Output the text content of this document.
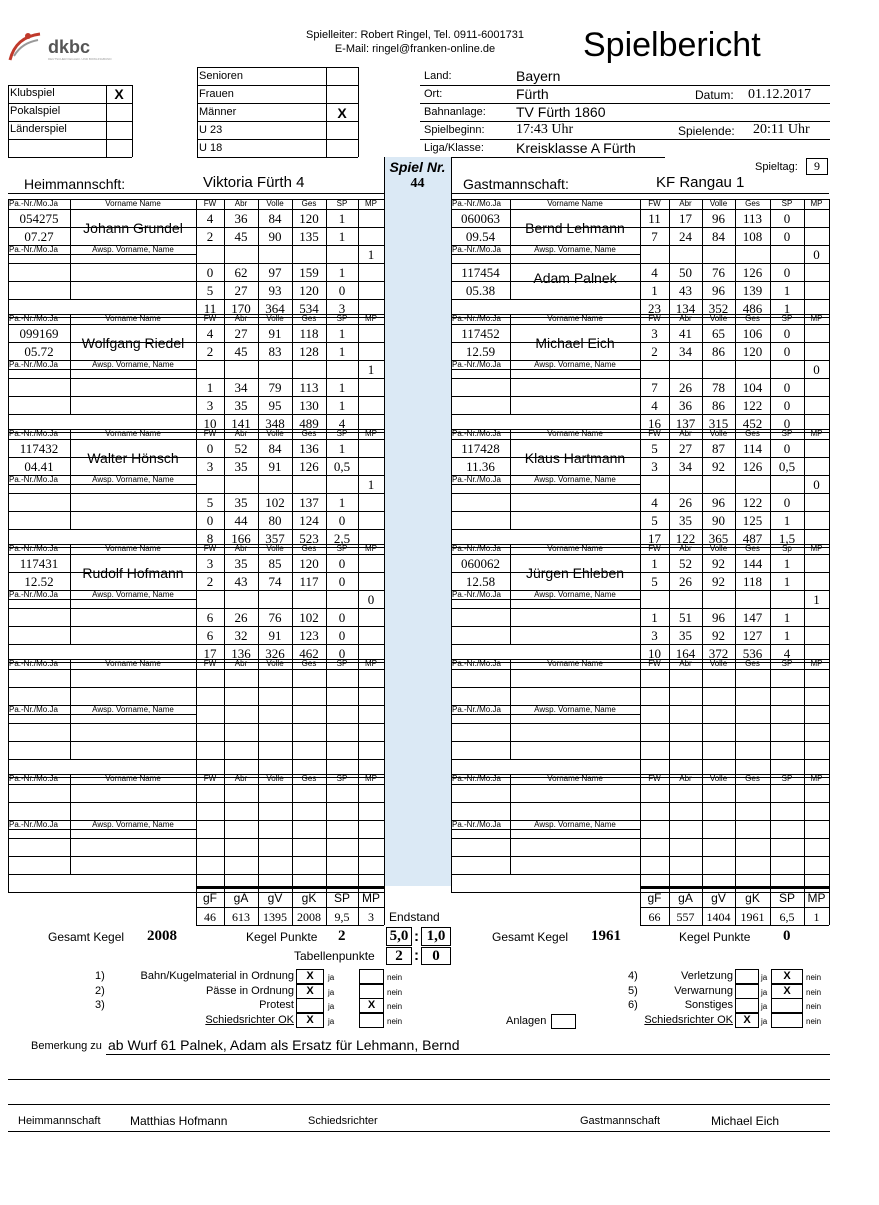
dkbc
DEUTSCHER KEGLER- UND BOWLINGBUND
Spielleiter: Robert Ringel, Tel. 0911-6001731
E-Mail: ringel@franken-online.de	Spielbericht
Klubspiel	X
Pokalspiel
Länderspiel
Senioren
Frauen
Männer	X
U 23
U 18
Land:	Bayern
Ort:	Fürth	Datum: 01.12.2017
Bahnanlage: TV Fürth 1860
Spielbeginn: 17:43 Uhr	Spielende: 20:11 Uhr
Liga/Klasse: Kreisklasse A Fürth
Spieltag:	9
Spiel Nr.
44
Heimmannschft:	Viktoria Fürth 4	Gastmannschaft:	KF Rangau 1
Pa.-Nr./Mo.Ja	Vorname Name	FW	Abr	Volle	Ges	SP	MP
Pa.-Nr./Mo.Ja	Awsp. Vorname, Name
054275
07.27
Johann Grundel
4	36	84	120	1
2	45	90	135	1
0	62	97	159	1
5	27	93	120	0
11	170	364	534	3
1
Pa.-Nr./Mo.Ja	Vorname Name	FW	Abr	Volle	Ges	SP	MP
Pa.-Nr./Mo.Ja	Awsp. Vorname, Name
060063
09.54
Bernd Lehmann
117454
05.38
Adam Palnek
11	17	96	113	0
7	24	84	108	0
4	50	76	126	0
1	43	96	139	1
23	134	352	486	1
0
Pa.-Nr./Mo.Ja	Vorname Name	FW	Abr	Volle	Ges	SP	MP
Pa.-Nr./Mo.Ja	Awsp. Vorname, Name
099169
05.72
Wolfgang Riedel
4	27	91	118	1
2	45	83	128	1
1	34	79	113	1
3	35	95	130	1
10	141	348	489	4
1
Pa.-Nr./Mo.Ja	Vorname Name	FW	Abr	Volle	Ges	SP	MP
Pa.-Nr./Mo.Ja	Awsp. Vorname, Name
117452
12.59
Michael Eich
3	41	65	106	0
2	34	86	120	0
7	26	78	104	0
4	36	86	122	0
16	137	315	452	0
0
Pa.-Nr./Mo.Ja	Vorname Name	FW	Abr	Volle	Ges	SP	MP
Pa.-Nr./Mo.Ja	Awsp. Vorname, Name
117432
04.41
Walter Hönsch
0	52	84	136	1
3	35	91	126	0,5
5	35	102	137	1
0	44	80	124	0
8	166	357	523	2,5
1
Pa.-Nr./Mo.Ja	Vorname Name	FW	Abr	Volle	Ges	SP	MP
Pa.-Nr./Mo.Ja	Awsp. Vorname, Name
117428
11.36
Klaus Hartmann
5	27	87	114	0
3	34	92	126	0,5
4	26	96	122	0
5	35	90	125	1
17	122	365	487	1,5
0
Pa.-Nr./Mo.Ja	Vorname Name	FW	Abr	Volle	Ges	SP	MP
Pa.-Nr./Mo.Ja	Awsp. Vorname, Name
117431
12.52
Rudolf Hofmann
3	35	85	120	0
2	43	74	117	0
6	26	76	102	0
6	32	91	123	0
17	136	326	462	0
0
Pa.-Nr./Mo.Ja	Vorname Name	FW	Abr	Volle	Ges	Sp	MP
Pa.-Nr./Mo.Ja	Awsp. Vorname, Name
060062
12.58
Jürgen Ehleben
1	52	92	144	1
5	26	92	118	1
1	51	96	147	1
3	35	92	127	1
10	164	372	536	4
1
Pa.-Nr./Mo.Ja	Vorname Name	FW	Abr	Volle	Ges	SP	MP
Pa.-Nr./Mo.Ja	Awsp. Vorname, Name
Pa.-Nr./Mo.Ja	Vorname Name	FW	Abr	Volle	Ges	SP	MP
Pa.-Nr./Mo.Ja	Awsp. Vorname, Name
Pa.-Nr./Mo.Ja	Vorname Name	FW	Abr	Volle	Ges	SP	MP
Pa.-Nr./Mo.Ja	Awsp. Vorname, Name
Pa.-Nr./Mo.Ja	Vorname Name	FW	Abr	Volle	Ges	SP	MP
Pa.-Nr./Mo.Ja	Awsp. Vorname, Name
gF
46
gA
613
gV
1395
gK
2008
SP
9,5
MP
3
gF
66
gA
557
gV
1404
gK
1961
SP
6,5
MP
1
Endstand
Gesamt Kegel 2008	Kegel Punkte 2	5,0 : 1,0	Gesamt Kegel 1961	Kegel Punkte 0
Tabellenpunkte	2 : 0
1)	Bahn/Kugelmaterial in Ordnung	X	ja	nein
2)	Pässe in Ordnung	X	ja	nein
3)	Protest	ja	X	nein
Schiedsrichter OK	X	ja	nein
4)	Verletzung	ja	X	nein
5)	Verwarnung	ja	X	nein
6)	Sonstiges	ja	nein
Schiedsrichter OK X	ja	nein
Anlagen
Bemerkung zu ab Wurf 61 Palnek, Adam als Ersatz für Lehmann, Bernd
Heimmannschaft Matthias Hofmann	Schiedsrichter	Gastmannschaft	Michael Eich
